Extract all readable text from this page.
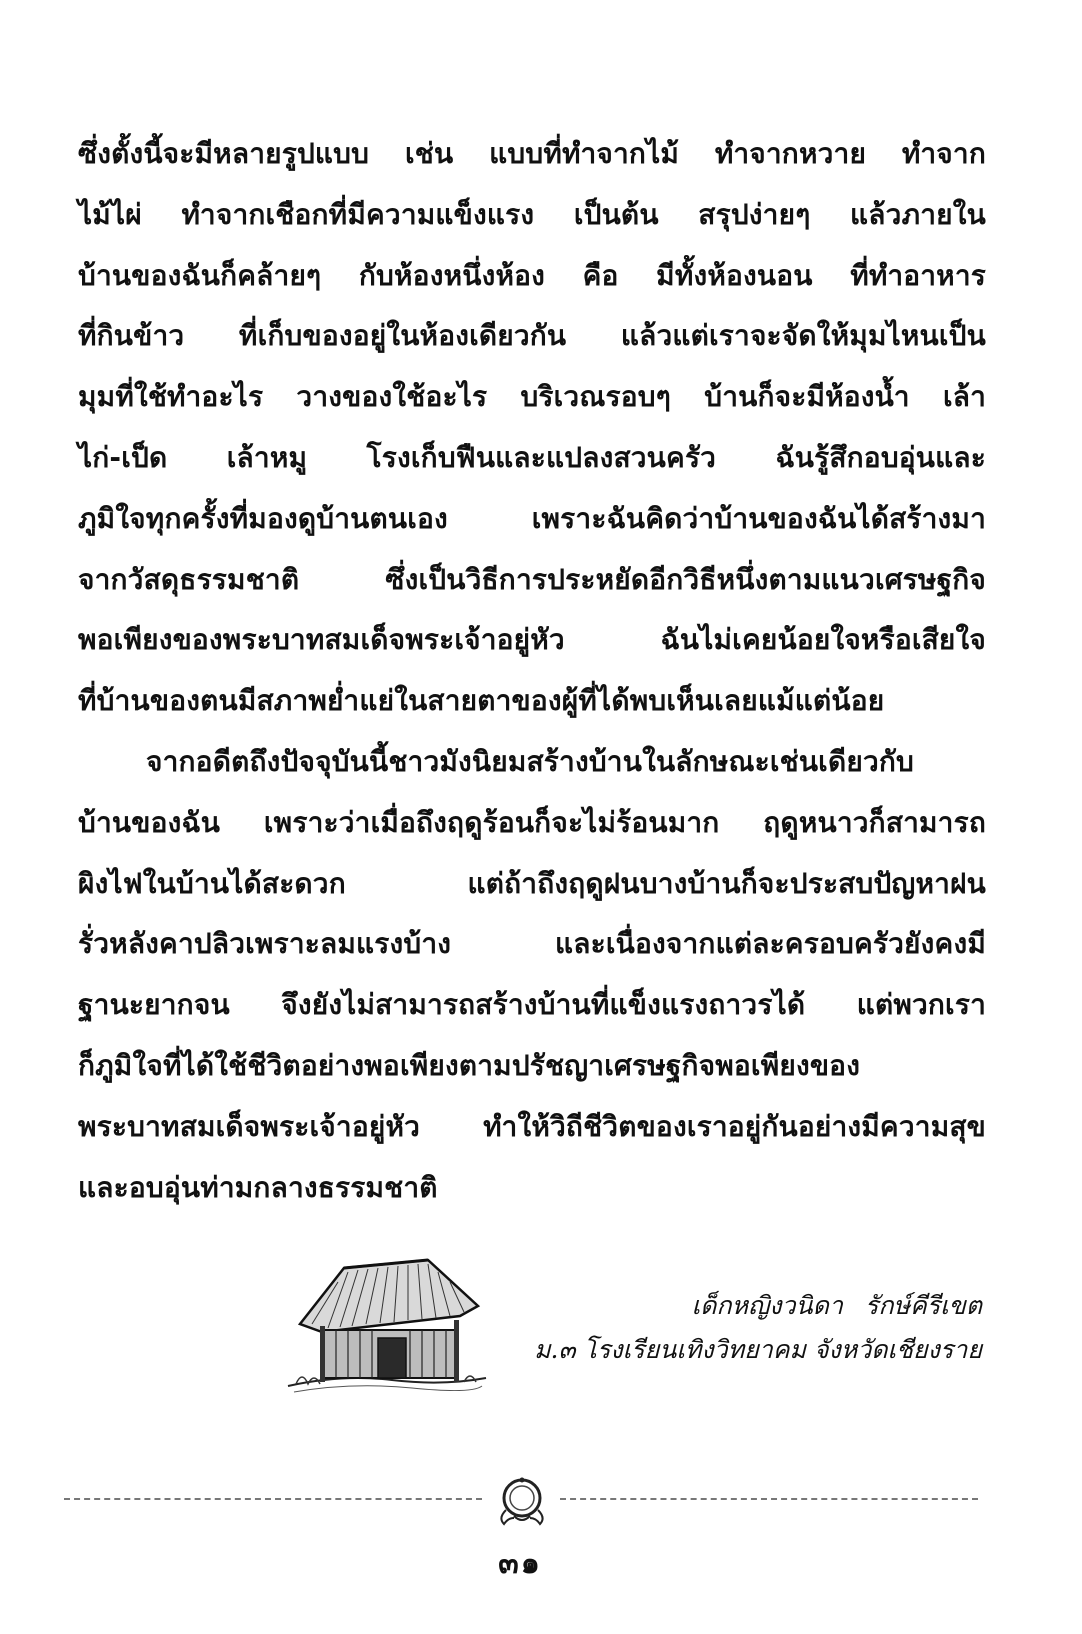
ซึ่งตั้งนี้จะมีหลายรูปแบบ เช่น แบบที่ทำจากไม้ ทำจากหวาย ทำจาก
ไม้ไผ่ ทำจากเชือกที่มีความแข็งแรง เป็นต้น สรุปง่ายๆ แล้วภายใน
บ้านของฉันก็คล้ายๆ กับห้องหนึ่งห้อง คือ มีทั้งห้องนอน ที่ทำอาหาร
ที่กินข้าว ที่เก็บของอยู่ในห้องเดียวกัน แล้วแต่เราจะจัดให้มุมไหนเป็น
มุมที่ใช้ทำอะไร วางของใช้อะไร บริเวณรอบๆ บ้านก็จะมีห้องน้ำ เล้า
ไก่-เป็ด เล้าหมู โรงเก็บฟืนและแปลงสวนครัว ฉันรู้สึกอบอุ่นและ
ภูมิใจทุกครั้งที่มองดูบ้านตนเอง เพราะฉันคิดว่าบ้านของฉันได้สร้างมา
จากวัสดุธรรมชาติ ซึ่งเป็นวิธีการประหยัดอีกวิธีหนึ่งตามแนวเศรษฐกิจ
พอเพียงของพระบาทสมเด็จพระเจ้าอยู่หัว ฉันไม่เคยน้อยใจหรือเสียใจ
ที่บ้านของตนมีสภาพย่ำแย่ในสายตาของผู้ที่ได้พบเห็นเลยแม้แต่น้อย
จากอดีตถึงปัจจุบันนี้ชาวมังนิยมสร้างบ้านในลักษณะเช่นเดียวกับ
บ้านของฉัน เพราะว่าเมื่อถึงฤดูร้อนก็จะไม่ร้อนมาก ฤดูหนาวก็สามารถ
ผิงไฟในบ้านได้สะดวก แต่ถ้าถึงฤดูฝนบางบ้านก็จะประสบปัญหาฝน
รั่วหลังคาปลิวเพราะลมแรงบ้าง และเนื่องจากแต่ละครอบครัวยังคงมี
ฐานะยากจน จึงยังไม่สามารถสร้างบ้านที่แข็งแรงถาวรได้ แต่พวกเรา
ก็ภูมิใจที่ได้ใช้ชีวิตอย่างพอเพียงตามปรัชญาเศรษฐกิจพอเพียงของ
พระบาทสมเด็จพระเจ้าอยู่หัว ทำให้วิถีชีวิตของเราอยู่กันอย่างมีความสุข
และอบอุ่นท่ามกลางธรรมชาติ
เด็กหญิงวนิดา รักษ์คีรีเขต
ม.๓ โรงเรียนเทิงวิทยาคม จังหวัดเชียงราย
๓๑
